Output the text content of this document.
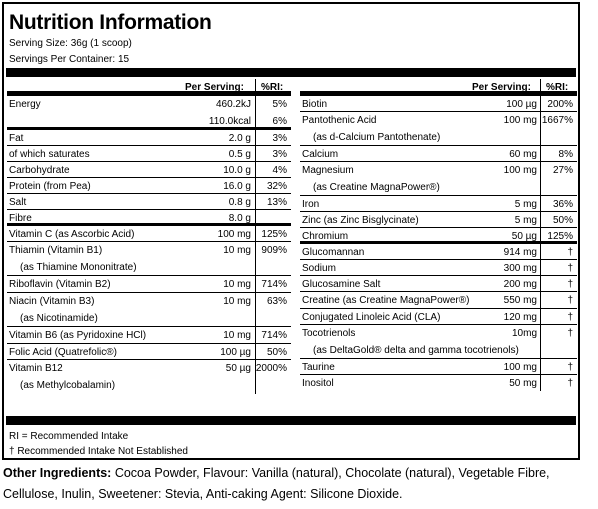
Nutrition Information
Serving Size: 36g (1 scoop)
Servings Per Container: 15
Per Serving: %RI:
Energy	460.2kJ 5%
110.0kcal 6%
Fat	2.0 g 3%
of which saturates	0.5 g 3%
Carbohydrate	10.0 g 4%
Protein (from Pea)	16.0 g 32%
Salt	0.8 g 13%
Fibre	8.0 g
Vitamin C (as Ascorbic Acid)	100 mg 125%
Thiamin (Vitamin B1)
(as Thiamine Mononitrate)
10 mg 909%
Riboflavin (Vitamin B2)	10 mg 714%
Niacin (Vitamin B3)
(as Nicotinamide)
10 mg 63%
Vitamin B6 (as Pyridoxine HCl)	10 mg 714%
Folic Acid (Quatrefolic®)	100 µg 50%
Vitamin B12
(as Methylcobalamin)
50 µg 2000%
Per Serving: %RI:
Biotin	100 µg 200%
Pantothenic Acid
(as d-Calcium Pantothenate)
100 mg 1667%
Calcium	60 mg 8%
Magnesium
(as Creatine MagnaPower®)
100 mg 27%
Iron	5 mg 36%
Zinc (as Zinc Bisglycinate)	5 mg 50%
Chromium	50 µg 125%
Glucomannan	914 mg	†
Sodium	300 mg	†
Glucosamine Salt	200 mg	†
Creatine (as Creatine MagnaPower®)	550 mg	†
Conjugated Linoleic Acid (CLA)	120 mg	†
Tocotrienols
(as DeltaGold® delta and gamma tocotrienols)
10mg	†
Taurine	100 mg	†
Inositol	50 mg	†
RI = Recommended Intake
† Recommended Intake Not Established
Other Ingredients: Cocoa Powder, Flavour: Vanilla (natural), Chocolate (natural), Vegetable Fibre, Cellulose, Inulin, Sweetener: Stevia, Anti-caking Agent: Silicone Dioxide.
